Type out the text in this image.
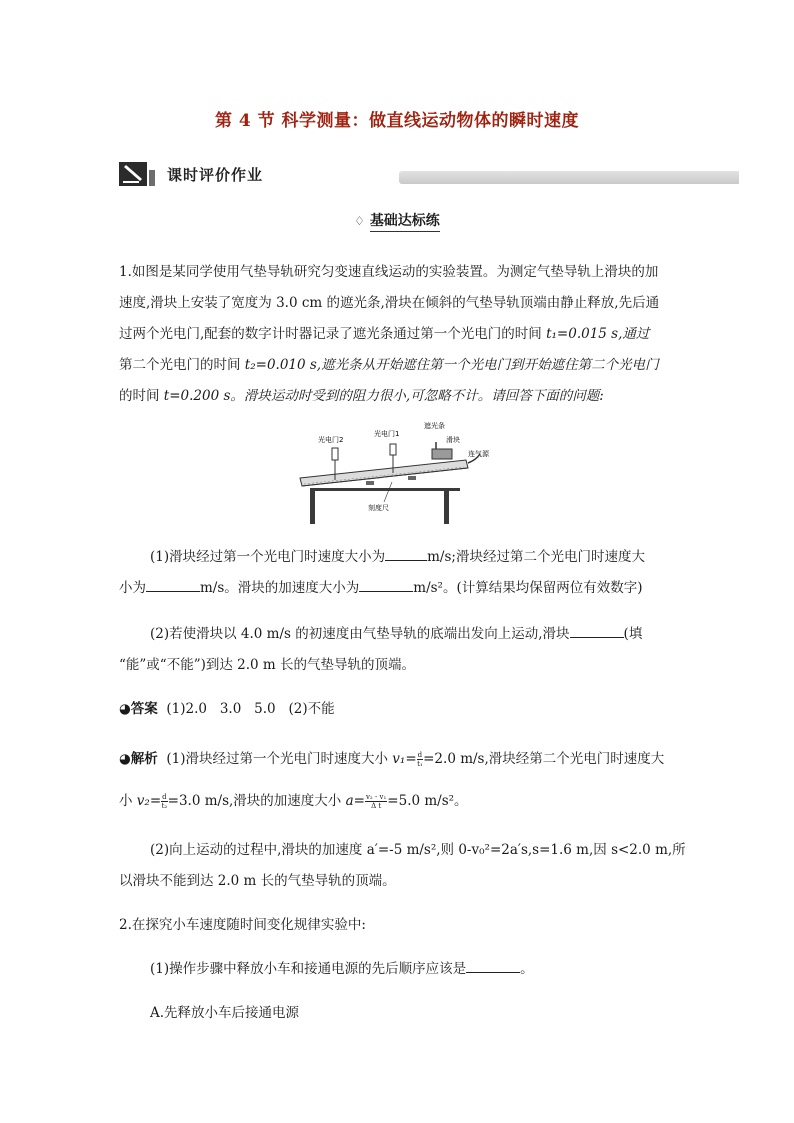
第 4 节 科学测量：做直线运动物体的瞬时速度
课时评价作业
♢ 基础达标练
1.如图是某同学使用气垫导轨研究匀变速直线运动的实验装置。为测定气垫导轨上滑块的加
速度,滑块上安装了宽度为 3.0 cm 的遮光条,滑块在倾斜的气垫导轨顶端由静止释放,先后通
过两个光电门,配套的数字计时器记录了遮光条通过第一个光电门的时间 t₁=0.015 s,通过
第二个光电门的时间 t₂=0.010 s,遮光条从开始遮住第一个光电门到开始遮住第二个光电门
的时间 t=0.200 s。滑块运动时受到的阻力很小,可忽略不计。请回答下面的问题:
光电门2
光电门1
遮光条
滑块
连气源
刻度尺
(1)滑块经过第一个光电门时速度大小为	m/s;滑块经过第二个光电门时速度大
小为	m/s。滑块的加速度大小为	m/s²。(计算结果均保留两位有效数字)
(2)若使滑块以 4.0 m/s 的初速度由气垫导轨的底端出发向上运动,滑块	(填
“能”或“不能”)到达 2.0 m 长的气垫导轨的顶端。
◕答案  (1)2.0   3.0   5.0   (2)不能
◕解析  (1)滑块经过第一个光电门时速度大小 $v_1= \frac{d}{\text{t₁}} =2.0$ m/s,滑块经第二个光电门时速度大
小 $v_2= \frac{d}{\text{t₂}} =3.0$ m/s,滑块的加速度大小 $a= \frac{\text{v₂ - v₁}}{\text{Δ t}} =5.0$ m/s²。
(2)向上运动的过程中,滑块的加速度 a′=-5 m/s²,则 0-v₀²=2a′s,s=1.6 m,因 s<2.0 m,所
以滑块不能到达 2.0 m 长的气垫导轨的顶端。
2.在探究小车速度随时间变化规律实验中:
(1)操作步骤中释放小车和接通电源的先后顺序应该是	。
A.先释放小车后接通电源
